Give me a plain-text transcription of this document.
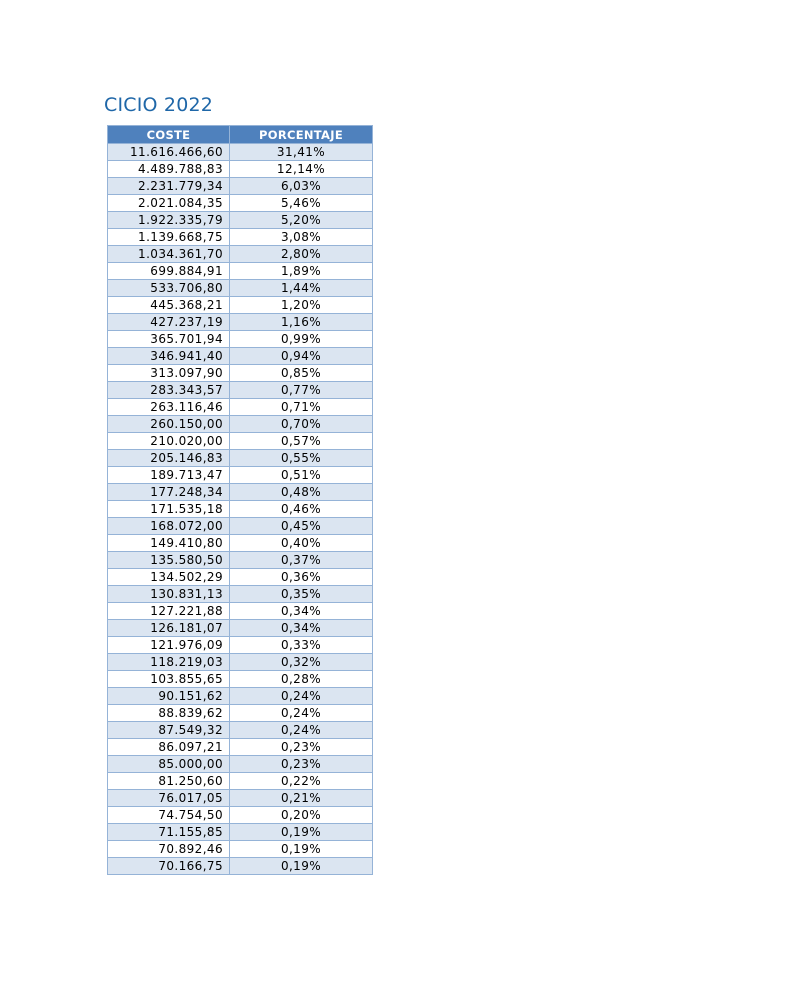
CICIO 2022
COSTE	PORCENTAJE
11.616.466,60	31,41%
4.489.788,83	12,14%
2.231.779,34	6,03%
2.021.084,35	5,46%
1.922.335,79	5,20%
1.139.668,75	3,08%
1.034.361,70	2,80%
699.884,91	1,89%
533.706,80	1,44%
445.368,21	1,20%
427.237,19	1,16%
365.701,94	0,99%
346.941,40	0,94%
313.097,90	0,85%
283.343,57	0,77%
263.116,46	0,71%
260.150,00	0,70%
210.020,00	0,57%
205.146,83	0,55%
189.713,47	0,51%
177.248,34	0,48%
171.535,18	0,46%
168.072,00	0,45%
149.410,80	0,40%
135.580,50	0,37%
134.502,29	0,36%
130.831,13	0,35%
127.221,88	0,34%
126.181,07	0,34%
121.976,09	0,33%
118.219,03	0,32%
103.855,65	0,28%
90.151,62	0,24%
88.839,62	0,24%
87.549,32	0,24%
86.097,21	0,23%
85.000,00	0,23%
81.250,60	0,22%
76.017,05	0,21%
74.754,50	0,20%
71.155,85	0,19%
70.892,46	0,19%
70.166,75	0,19%
